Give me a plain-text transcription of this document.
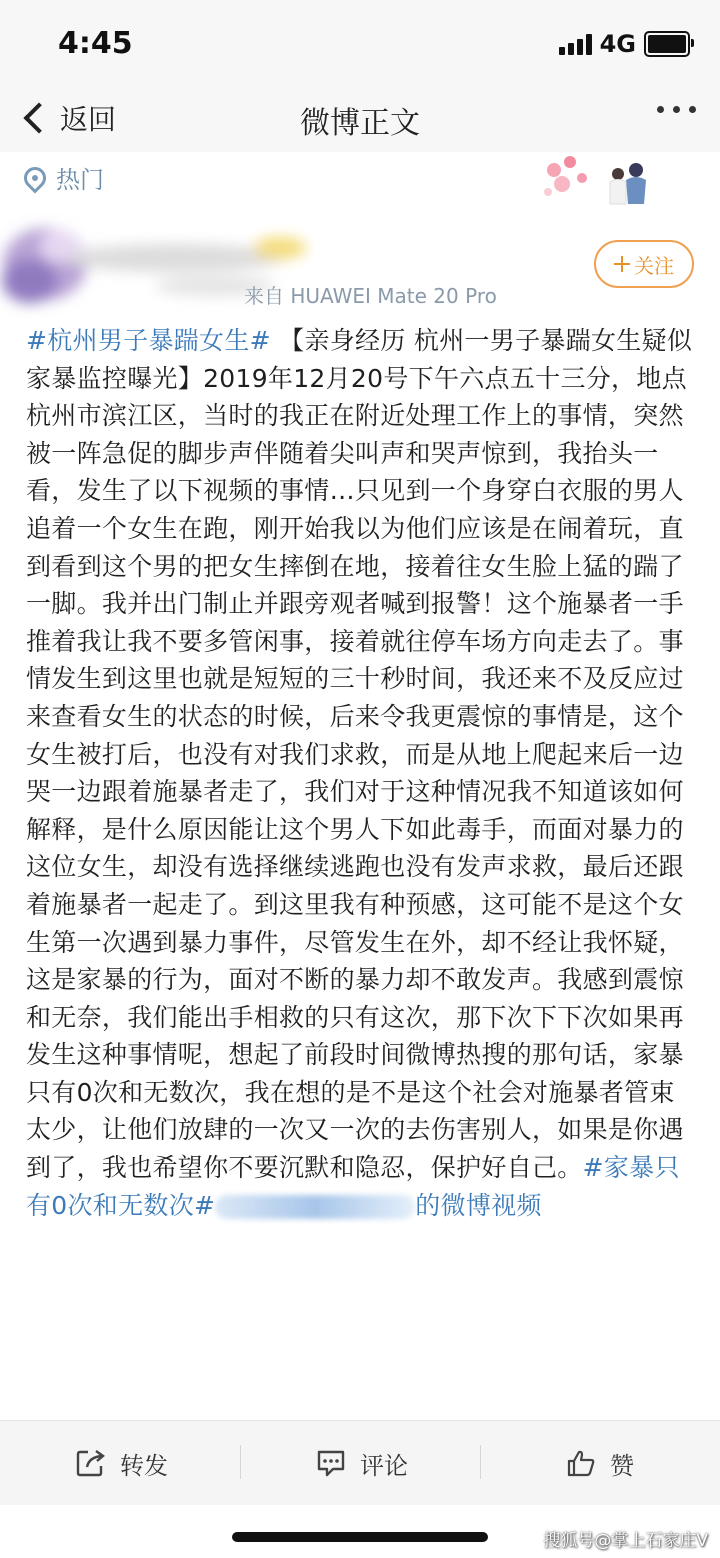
4:45	4G
返回	微博正文
热门
来自 HUAWEI Mate 20 Pro
关注
#杭州男子暴踹女生# 【亲身经历 杭州一男子暴踹女生疑似家暴监控曝光】2019年12月20号下午六点五十三分，地点杭州市滨江区，当时的我正在附近处理工作上的事情，突然被一阵急促的脚步声伴随着尖叫声和哭声惊到，我抬头一看，发生了以下视频的事情…只见到一个身穿白衣服的男人追着一个女生在跑，刚开始我以为他们应该是在闹着玩，直到看到这个男的把女生摔倒在地，接着往女生脸上猛的踹了一脚。我并出门制止并跟旁观者喊到报警！这个施暴者一手推着我让我不要多管闲事，接着就往停车场方向走去了。事情发生到这里也就是短短的三十秒时间，我还来不及反应过来查看女生的状态的时候，后来令我更震惊的事情是，这个女生被打后，也没有对我们求救，而是从地上爬起来后一边哭一边跟着施暴者走了，我们对于这种情况我不知道该如何解释，是什么原因能让这个男人下如此毒手，而面对暴力的这位女生，却没有选择继续逃跑也没有发声求救，最后还跟着施暴者一起走了。到这里我有种预感，这可能不是这个女生第一次遇到暴力事件，尽管发生在外，却不经让我怀疑，这是家暴的行为，面对不断的暴力却不敢发声。我感到震惊和无奈，我们能出手相救的只有这次，那下次下下次如果再发生这种事情呢，想起了前段时间微博热搜的那句话，家暴只有0次和无数次，我在想的是不是这个社会对施暴者管束太少，让他们放肆的一次又一次的去伤害别人，如果是你遇到了，我也希望你不要沉默和隐忍，保护好自己。#家暴只有0次和无数次#	的微博视频
转发	评论	赞
搜狐号@掌上石家庄V
